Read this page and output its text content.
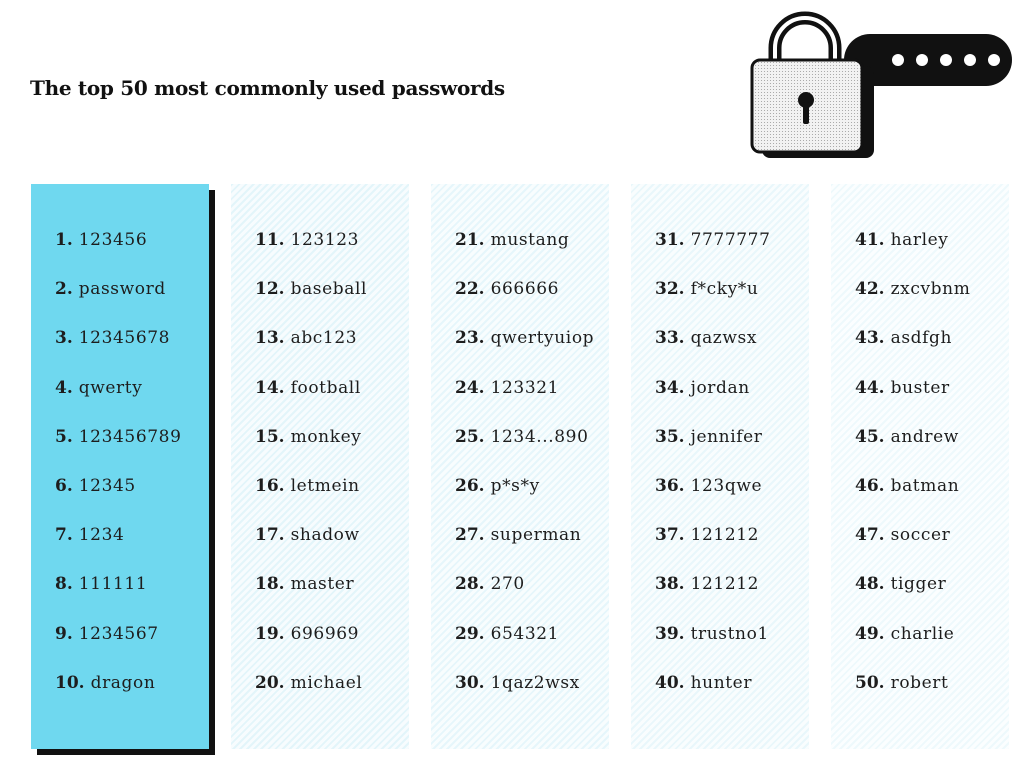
The top 50 most commonly used passwords
1. 123456
2. password
3. 12345678
4. qwerty
5. 123456789
6. 12345
7. 1234
8. 111111
9. 1234567
10. dragon
11. 123123
12. baseball
13. abc123
14. football
15. monkey
16. letmein
17. shadow
18. master
19. 696969
20. michael
21. mustang
22. 666666
23. qwertyuiop
24. 123321
25. 1234...890
26. p*s*y
27. superman
28. 270
29. 654321
30. 1qaz2wsx
31. 7777777
32. f*cky*u
33. qazwsx
34. jordan
35. jennifer
36. 123qwe
37. 121212
38. 121212
39. trustno1
40. hunter
41. harley
42. zxcvbnm
43. asdfgh
44. buster
45. andrew
46. batman
47. soccer
48. tigger
49. charlie
50. robert
